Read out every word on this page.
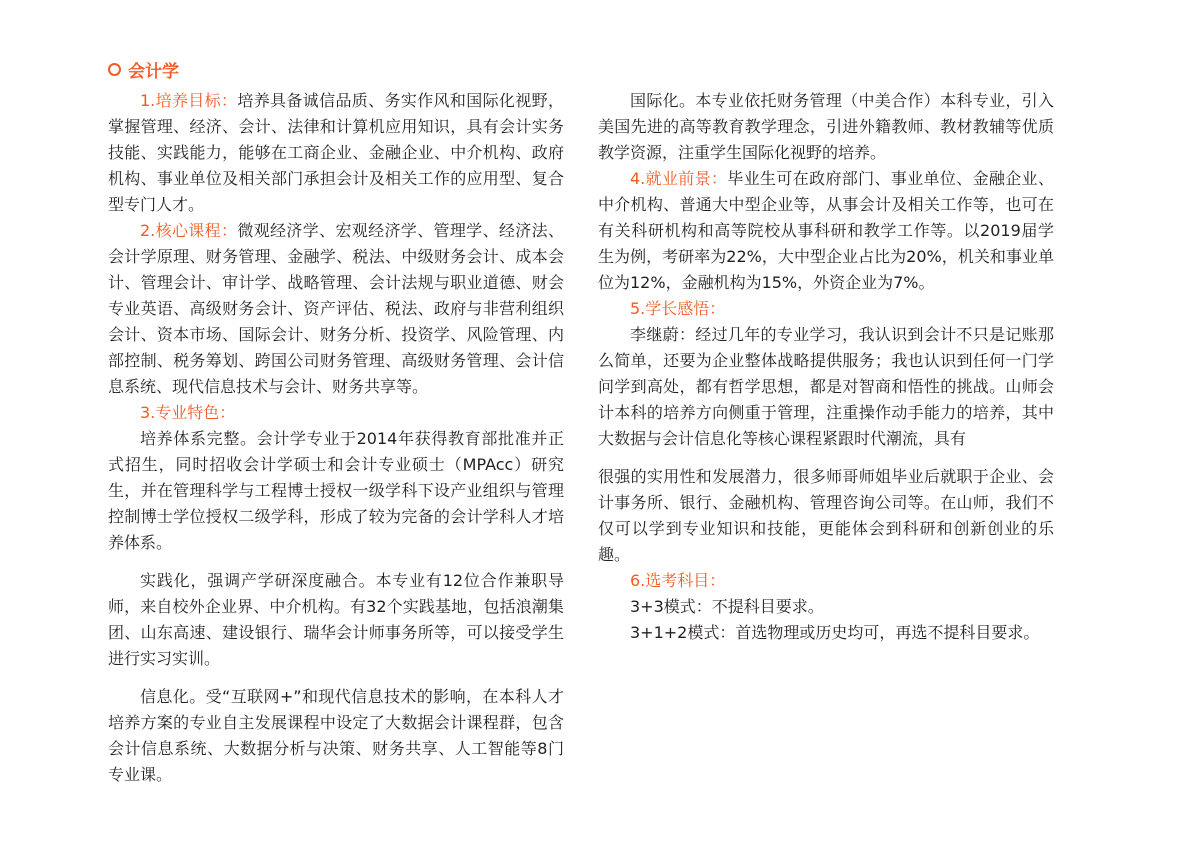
会计学

1.培养目标：培养具备诚信品质、务实作风和国际化视野，掌握管理、经济、会计、法律和计算机应用知识，具有会计实务技能、实践能力，能够在工商企业、金融企业、中介机构、政府机构、事业单位及相关部门承担会计及相关工作的应用型、复合型专门人才。

2.核心课程：微观经济学、宏观经济学、管理学、经济法、会计学原理、财务管理、金融学、税法、中级财务会计、成本会计、管理会计、审计学、战略管理、会计法规与职业道德、财会专业英语、高级财务会计、资产评估、税法、政府与非营利组织会计、资本市场、国际会计、财务分析、投资学、风险管理、内部控制、税务筹划、跨国公司财务管理、高级财务管理、会计信息系统、现代信息技术与会计、财务共享等。

3.专业特色：

培养体系完整。会计学专业于2014年获得教育部批准并正式招生，同时招收会计学硕士和会计专业硕士（MPAcc）研究生，并在管理科学与工程博士授权一级学科下设产业组织与管理控制博士学位授权二级学科，形成了较为完备的会计学科人才培养体系。

实践化，强调产学研深度融合。本专业有12位合作兼职导师，来自校外企业界、中介机构。有32个实践基地，包括浪潮集团、山东高速、建设银行、瑞华会计师事务所等，可以接受学生进行实习实训。

信息化。受“互联网+”和现代信息技术的影响，在本科人才培养方案的专业自主发展课程中设定了大数据会计课程群，包含会计信息系统、大数据分析与决策、财务共享、人工智能等8门专业课。

国际化。本专业依托财务管理（中美合作）本科专业，引入美国先进的高等教育教学理念，引进外籍教师、教材教辅等优质教学资源，注重学生国际化视野的培养。

4.就业前景：毕业生可在政府部门、事业单位、金融企业、中介机构、普通大中型企业等，从事会计及相关工作等，也可在有关科研机构和高等院校从事科研和教学工作等。以2019届学生为例，考研率为22%，大中型企业占比为20%，机关和事业单位为12%，金融机构为15%，外资企业为7%。

5.学长感悟：

李继蔚：经过几年的专业学习，我认识到会计不只是记账那么简单，还要为企业整体战略提供服务；我也认识到任何一门学问学到高处，都有哲学思想，都是对智商和悟性的挑战。山师会计本科的培养方向侧重于管理，注重操作动手能力的培养，其中大数据与会计信息化等核心课程紧跟时代潮流，具有

很强的实用性和发展潜力，很多师哥师姐毕业后就职于企业、会计事务所、银行、金融机构、管理咨询公司等。在山师，我们不仅可以学到专业知识和技能，更能体会到科研和创新创业的乐趣。

6.选考科目：

3+3模式：不提科目要求。

3+1+2模式：首选物理或历史均可，再选不提科目要求。
